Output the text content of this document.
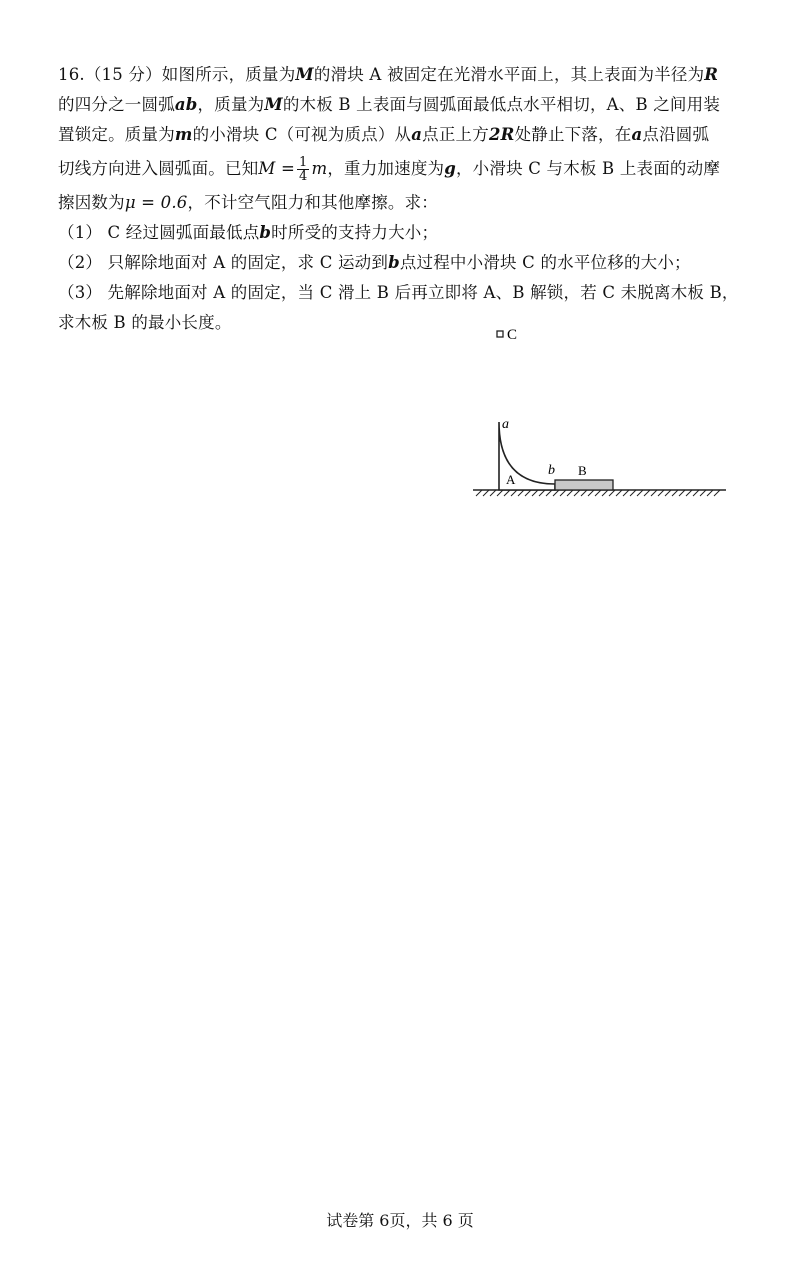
16.（15 分）如图所示，质量为M的滑块 A 被固定在光滑水平面上，其上表面为半径为R

的四分之一圆弧ab，质量为M的木板 B 上表面与圆弧面最低点水平相切，A、B 之间用装

置锁定。质量为m的小滑块 C（可视为质点）从a点正上方2R处静止下落，在a点沿圆弧

切线方向进入圆弧面。已知$M = \frac{1}{4}$ m，重力加速度为g，小滑块 C 与木板 B 上表面的动摩

擦因数为μ = 0.6，不计空气阻力和其他摩擦。求：

（1） C 经过圆弧面最低点b时所受的支持力大小；

（2） 只解除地面对 A 的固定，求 C 运动到b点过程中小滑块 C 的水平位移的大小；

（3） 先解除地面对 A 的固定，当 C 滑上 B 后再立即将 A、B 解锁，若 C 未脱离木板 B，

求木板 B 的最小长度。

C
a
A
b B
试卷第 6页，共 6 页
